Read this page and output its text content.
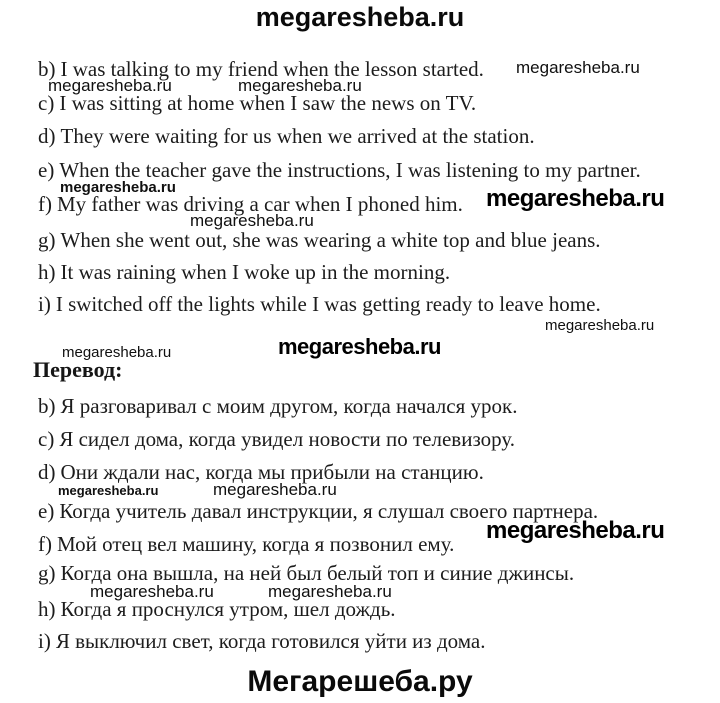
megaresheba.ru
b) I was talking to my friend when the lesson started. megaresheba.ru
megaresheba.ru	megaresheba.ru
c) I was sitting at home when I saw the news on TV.
d) They were waiting for us when we arrived at the station.
e) When the teacher gave the instructions, I was listening to my partner.
megaresheba.ru
f) My father was driving a car when I phoned him. megaresheba.ru
megaresheba.ru
g) When she went out, she was wearing a white top and blue jeans.
h) It was raining when I woke up in the morning.
i) I switched off the lights while I was getting ready to leave home.
megaresheba.ru
megaresheba.ru
megaresheba.ru
Перевод:
b) Я разговаривал с моим другом, когда начался урок.
c) Я сидел дома, когда увидел новости по телевизору.
d) Они ждали нас, когда мы прибыли на станцию.
megaresheba.ru	megaresheba.ru
e) Когда учитель давал инструкции, я слушал своего партнера.
megaresheba.ru
f) Мой отец вел машину, когда я позвонил ему.
g) Когда она вышла, на ней был белый топ и синие джинсы.
megaresheba.ru	megaresheba.ru
h) Когда я проснулся утром, шел дождь.
i) Я выключил свет, когда готовился уйти из дома.
Мегарешеба.ру
